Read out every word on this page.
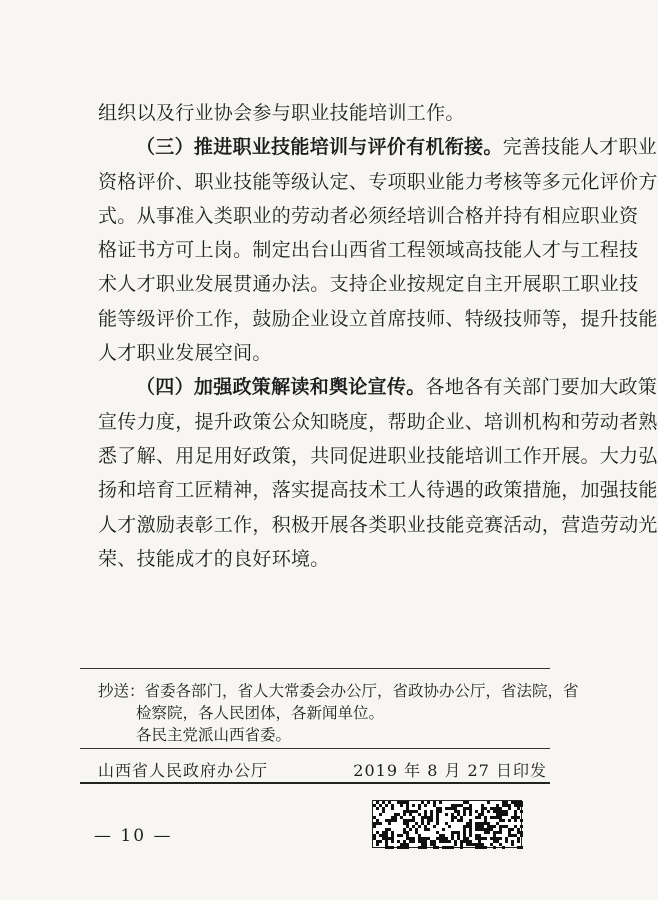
组织以及行业协会参与职业技能培训工作。
（三）推进职业技能培训与评价有机衔接。完善技能人才职业
资格评价、职业技能等级认定、专项职业能力考核等多元化评价方
式。从事准入类职业的劳动者必须经培训合格并持有相应职业资
格证书方可上岗。制定出台山西省工程领域高技能人才与工程技
术人才职业发展贯通办法。支持企业按规定自主开展职工职业技
能等级评价工作，鼓励企业设立首席技师、特级技师等，提升技能
人才职业发展空间。
（四）加强政策解读和舆论宣传。各地各有关部门要加大政策
宣传力度，提升政策公众知晓度，帮助企业、培训机构和劳动者熟
悉了解、用足用好政策，共同促进职业技能培训工作开展。大力弘
扬和培育工匠精神，落实提高技术工人待遇的政策措施，加强技能
人才激励表彰工作，积极开展各类职业技能竞赛活动，营造劳动光
荣、技能成才的良好环境。
抄送：省委各部门，省人大常委会办公厅，省政协办公厅，省法院，省
检察院，各人民团体，各新闻单位。
各民主党派山西省委。
山西省人民政府办公厅	2019 年 8 月 27 日印发
— 10 —
